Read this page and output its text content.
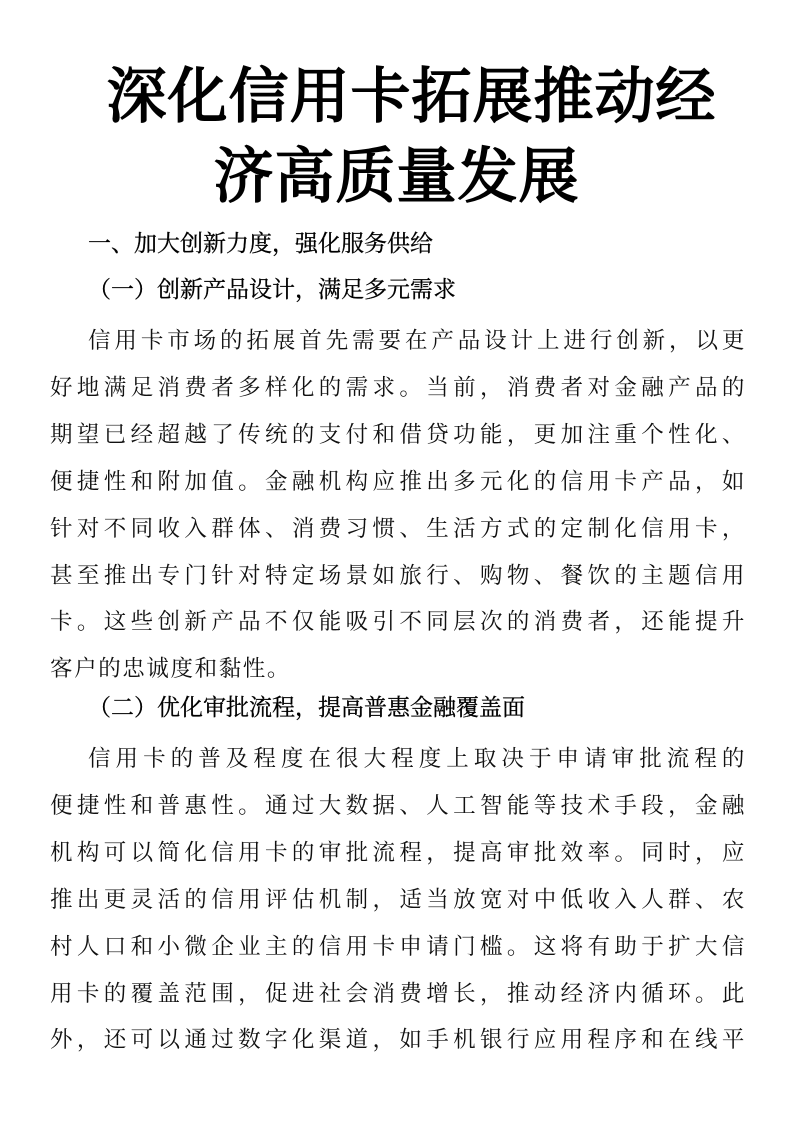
深化信用卡拓展推动经
济高质量发展
一、加大创新力度，强化服务供给
（一）创新产品设计，满足多元需求
信用卡市场的拓展首先需要在产品设计上进行创新，以更
好地满足消费者多样化的需求。当前，消费者对金融产品的
期望已经超越了传统的支付和借贷功能，更加注重个性化、
便捷性和附加值。金融机构应推出多元化的信用卡产品，如
针对不同收入群体、消费习惯、生活方式的定制化信用卡，
甚至推出专门针对特定场景如旅行、购物、餐饮的主题信用
卡。这些创新产品不仅能吸引不同层次的消费者，还能提升
客户的忠诚度和黏性。
（二）优化审批流程，提高普惠金融覆盖面
信用卡的普及程度在很大程度上取决于申请审批流程的
便捷性和普惠性。通过大数据、人工智能等技术手段，金融
机构可以简化信用卡的审批流程，提高审批效率。同时，应
推出更灵活的信用评估机制，适当放宽对中低收入人群、农
村人口和小微企业主的信用卡申请门槛。这将有助于扩大信
用卡的覆盖范围，促进社会消费增长，推动经济内循环。此
外，还可以通过数字化渠道，如手机银行应用程序和在线平
